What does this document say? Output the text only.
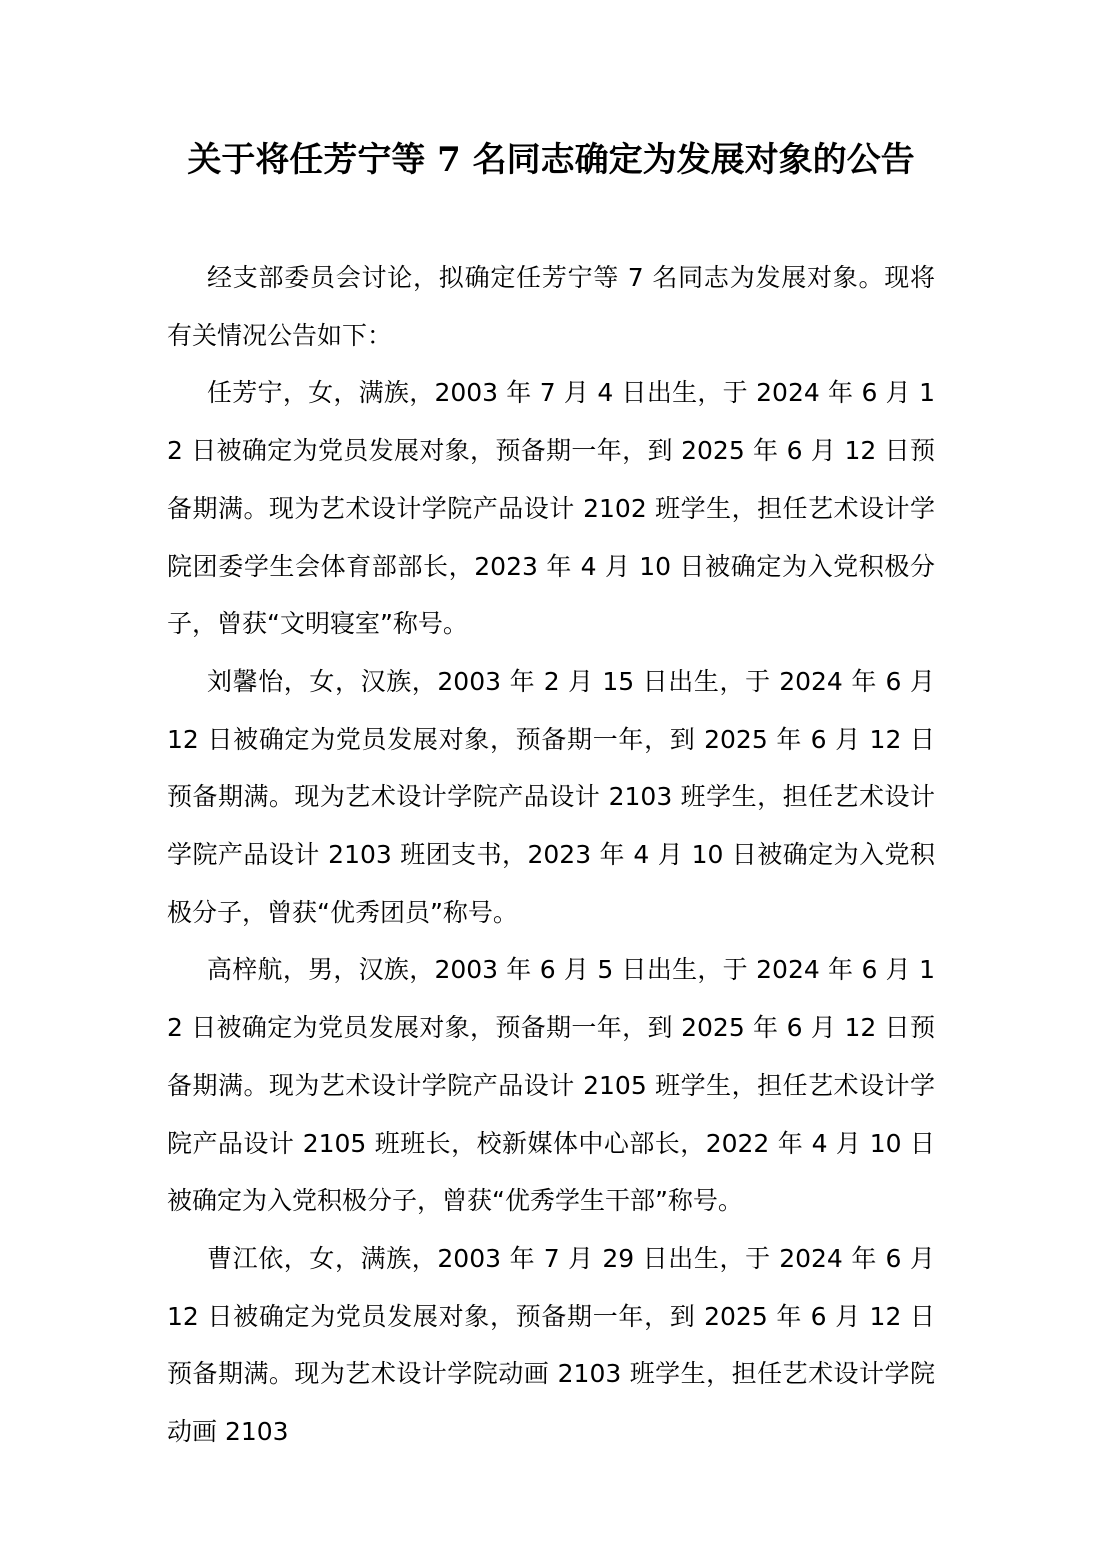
关于将任芳宁等 7 名同志确定为发展对象的公告

经支部委员会讨论，拟确定任芳宁等 7 名同志为发展对象。现将有关情况公告如下：

任芳宁，女，满族，2003 年 7 月 4 日出生，于 2024 年 6 月 12 日被确定为党员发展对象，预备期一年，到 2025 年 6 月 12 日预备期满。现为艺术设计学院产品设计 2102 班学生，担任艺术设计学院团委学生会体育部部长，2023 年 4 月 10 日被确定为入党积极分子，曾获“文明寝室”称号。

刘馨怡，女，汉族，2003 年 2 月 15 日出生，于 2024 年 6 月 12 日被确定为党员发展对象，预备期一年，到 2025 年 6 月 12 日预备期满。现为艺术设计学院产品设计 2103 班学生，担任艺术设计学院产品设计 2103 班团支书，2023 年 4 月 10 日被确定为入党积极分子，曾获“优秀团员”称号。

高梓航，男，汉族，2003 年 6 月 5 日出生，于 2024 年 6 月 12 日被确定为党员发展对象，预备期一年，到 2025 年 6 月 12 日预备期满。现为艺术设计学院产品设计 2105 班学生，担任艺术设计学院产品设计 2105 班班长，校新媒体中心部长，2022 年 4 月 10 日被确定为入党积极分子，曾获“优秀学生干部”称号。

曹江依，女，满族，2003 年 7 月 29 日出生，于 2024 年 6 月 12 日被确定为党员发展对象，预备期一年，到 2025 年 6 月 12 日预备期满。现为艺术设计学院动画 2103 班学生，担任艺术设计学院动画 2103
